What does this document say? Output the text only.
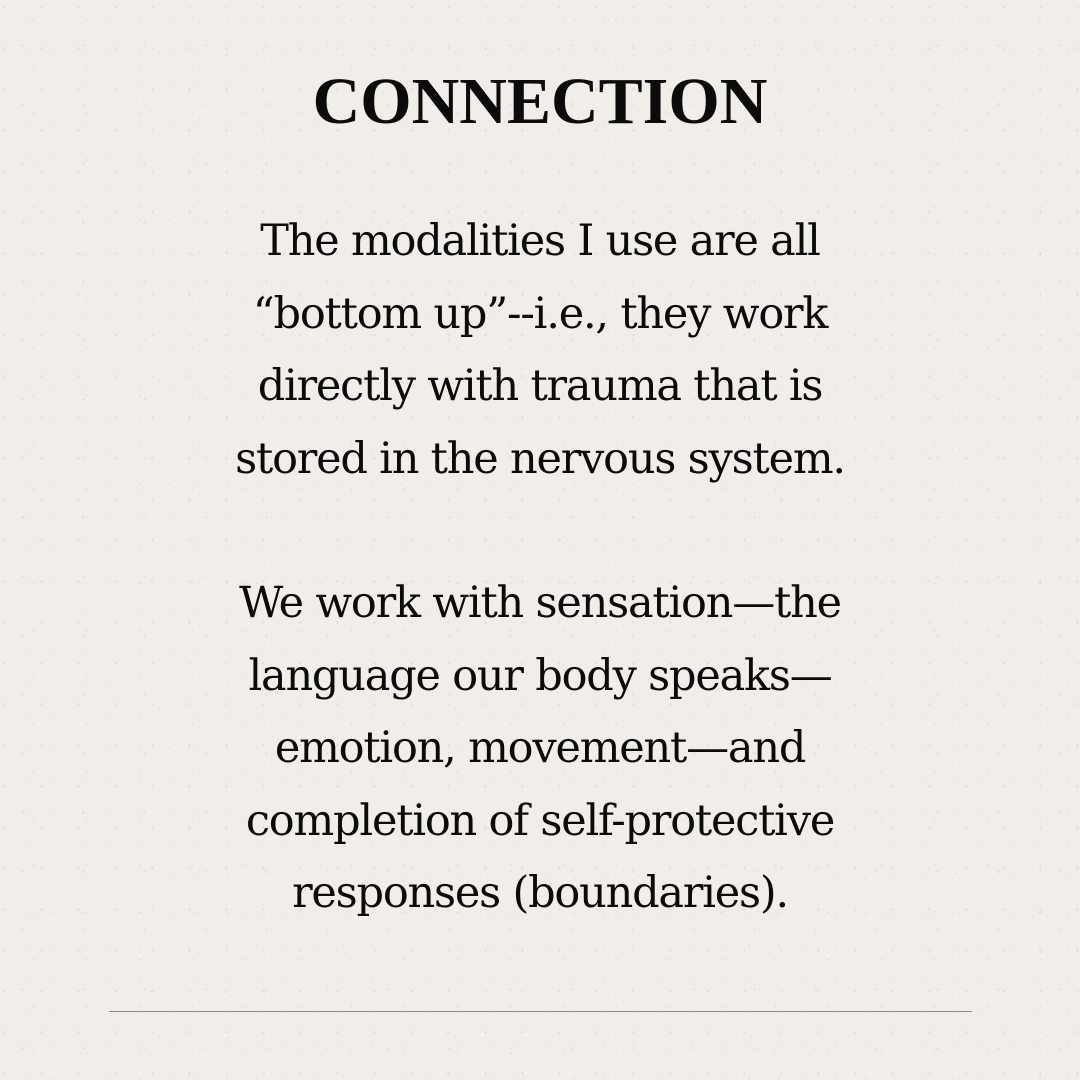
CONNECTION

The modalities I use are all
“bottom up”--i.e., they work
directly with trauma that is
stored in the nervous system.

We work with sensation—the
language our body speaks—
emotion, movement—and
completion of self-protective
responses (boundaries).
